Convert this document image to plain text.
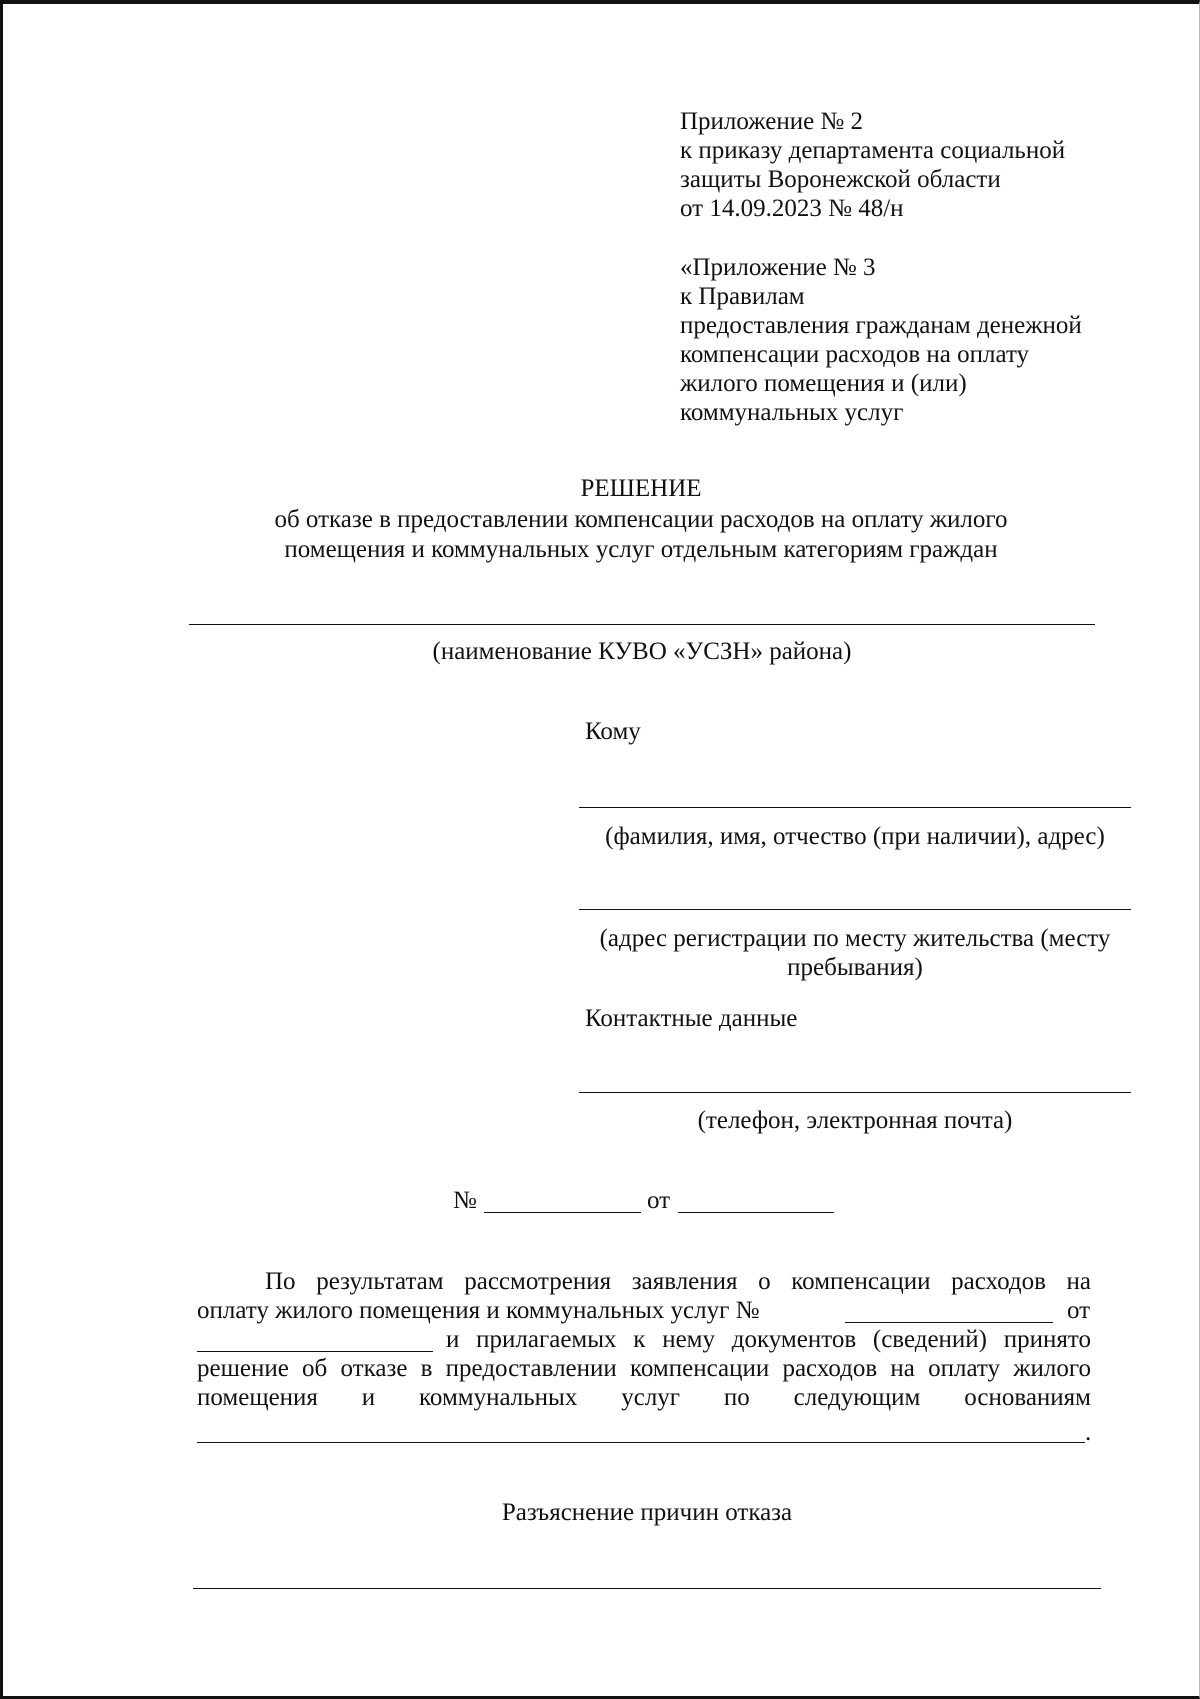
Приложение № 2
к приказу департамента социальной
защиты Воронежской области
от 14.09.2023 № 48/н
«Приложение № 3
к Правилам
предоставления гражданам денежной
компенсации расходов на оплату
жилого помещения и (или)
коммунальных услуг
РЕШЕНИЕ
об отказе в предоставлении компенсации расходов на оплату жилого
помещения и коммунальных услуг отдельным категориям граждан
(наименование КУВО «УСЗН» района)
Кому
(фамилия, имя, отчество (при наличии), адрес)
(адрес регистрации по месту жительства (месту
пребывания)
Контактные данные
(телефон, электронная почта)
№	от
По результатам рассмотрения заявления о компенсации расходов на
оплату жилого помещения и коммунальных услуг №	от
и прилагаемых к нему документов (сведений) принято
решение об отказе в предоставлении компенсации расходов на оплату жилого
помещения и коммунальных услуг по следующим основаниям
.
Разъяснение причин отказа
